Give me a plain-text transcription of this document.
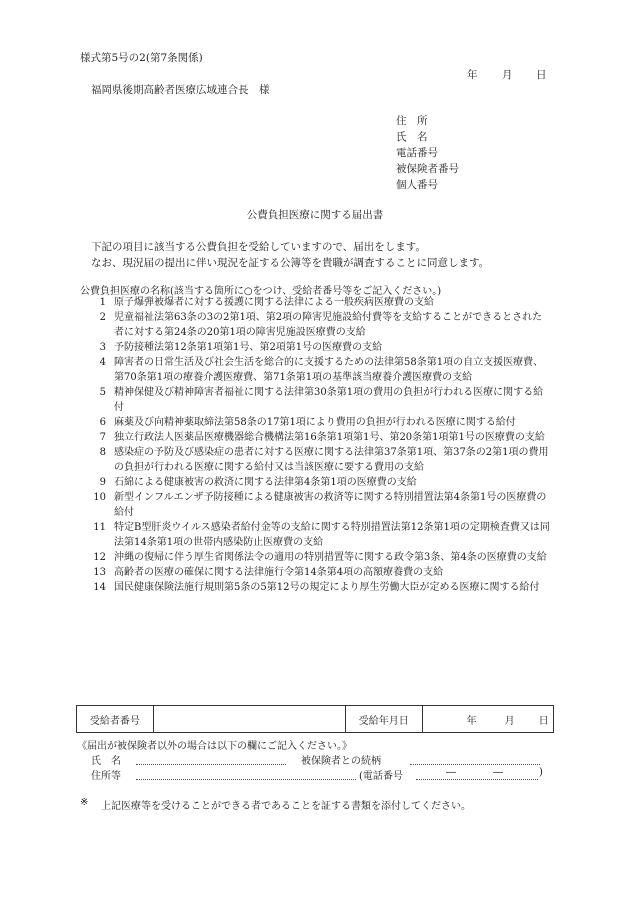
様式第5号の2(第7条関係)
年 月 日
福岡県後期高齢者医療広域連合長　様
住　所
氏　名
電話番号
被保険者番号
個人番号
公費負担医療に関する届出書
下記の項目に該当する公費負担を受給していますので、届出をします。
なお、現況届の提出に伴い現況を証する公簿等を貴職が調査することに同意します。
公費負担医療の名称(該当する箇所に○をつけ、受給者番号等をご記入ください。)
1 原子爆弾被爆者に対する援護に関する法律による一般疾病医療費の支給
2 児童福祉法第63条の3の2第1項、第2項の障害児施設給付費等を支給することができるとされた者に対する第24条の20第1項の障害児施設医療費の支給
3 予防接種法第12条第1項第1号、第2項第1号の医療費の支給
4 障害者の日常生活及び社会生活を総合的に支援するための法律第58条第1項の自立支援医療費、第70条第1項の療養介護医療費、第71条第1項の基準該当療養介護医療費の支給
5 精神保健及び精神障害者福祉に関する法律第30条第1項の費用の負担が行われる医療に関する給付
6 麻薬及び向精神薬取締法第58条の17第1項により費用の負担が行われる医療に関する給付
7 独立行政法人医薬品医療機器総合機構法第16条第1項第1号、第20条第1項第1号の医療費の支給
8 感染症の予防及び感染症の患者に対する医療に関する法律第37条第1項、第37条の2第1項の費用の負担が行われる医療に関する給付又は当該医療に要する費用の支給
9 石綿による健康被害の救済に関する法律第4条第1項の医療費の支給
10 新型インフルエンザ予防接種による健康被害の救済等に関する特別措置法第4条第1号の医療費の給付
11 特定B型肝炎ウイルス感染者給付金等の支給に関する特別措置法第12条第1項の定期検査費又は同法第14条第1項の世帯内感染防止医療費の支給
12 沖縄の復帰に伴う厚生省関係法令の適用の特別措置等に関する政令第3条、第4条の医療費の支給
13 高齢者の医療の確保に関する法律施行令第14条第4項の高額療養費の支給
14 国民健康保険法施行規則第5条の5第12号の規定により厚生労働大臣が定める医療に関する給付
受給者番号	受給年月日	年	月 日
《届出が被保険者以外の場合は以下の欄にご記入ください。》
氏　名	被保険者との続柄
住所等	(電話番号	―	―	)
※ 上記医療等を受けることができる者であることを証する書類を添付してください。
